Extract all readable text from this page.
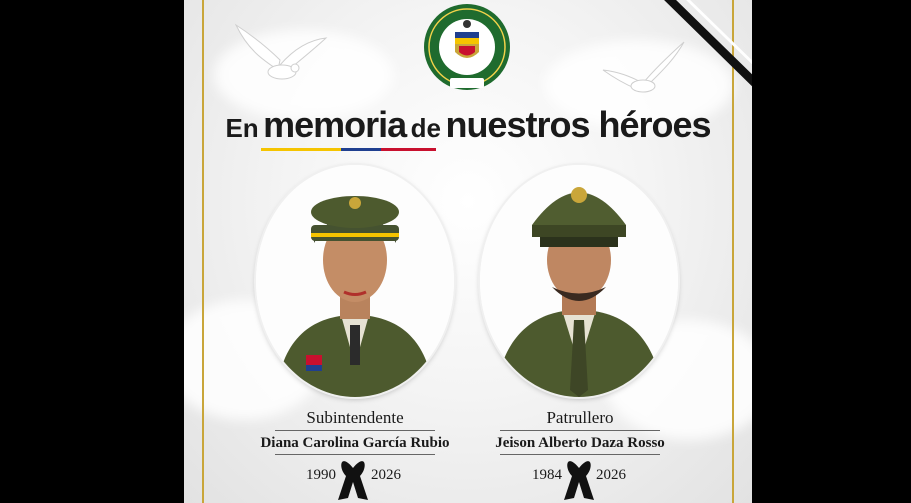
En memoria de nuestros héroes
Subintendente
Diana Carolina García Rubio
1990 2026
Patrullero
Jeison Alberto Daza Rosso
1984 2026
